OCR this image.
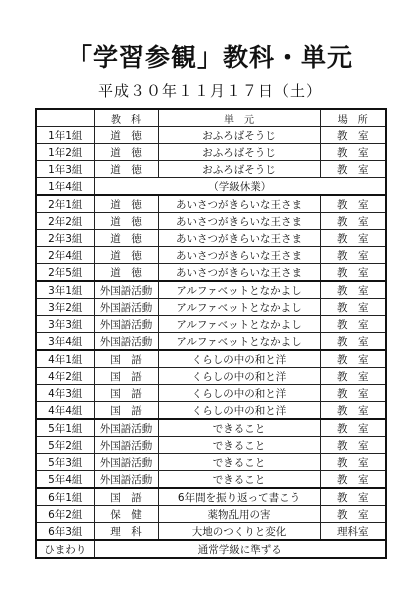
「学習参観」教科・単元
平成３０年１１月１７日（土）
	教　科	単　元	場　所
1年1組	道　徳	おふろばそうじ	教　室
1年2組	道　徳	おふろばそうじ	教　室
1年3組	道　徳	おふろばそうじ	教　室
1年4組	（学級休業）		
2年1組	道　徳	あいさつがきらいな王さま	教　室
2年2組	道　徳	あいさつがきらいな王さま	教　室
2年3組	道　徳	あいさつがきらいな王さま	教　室
2年4組	道　徳	あいさつがきらいな王さま	教　室
2年5組	道　徳	あいさつがきらいな王さま	教　室
3年1組	外国語活動	アルファベットとなかよし	教　室
3年2組	外国語活動	アルファベットとなかよし	教　室
3年3組	外国語活動	アルファベットとなかよし	教　室
3年4組	外国語活動	アルファベットとなかよし	教　室
4年1組	国　語	くらしの中の和と洋	教　室
4年2組	国　語	くらしの中の和と洋	教　室
4年3組	国　語	くらしの中の和と洋	教　室
4年4組	国　語	くらしの中の和と洋	教　室
5年1組	外国語活動	できること	教　室
5年2組	外国語活動	できること	教　室
5年3組	外国語活動	できること	教　室
5年4組	外国語活動	できること	教　室
6年1組	国　語	6年間を振り返って書こう	教　室
6年2組	保　健	薬物乱用の害	教　室
6年3組	理　科	大地のつくりと変化	理科室
ひまわり	通常学級に準ずる		
